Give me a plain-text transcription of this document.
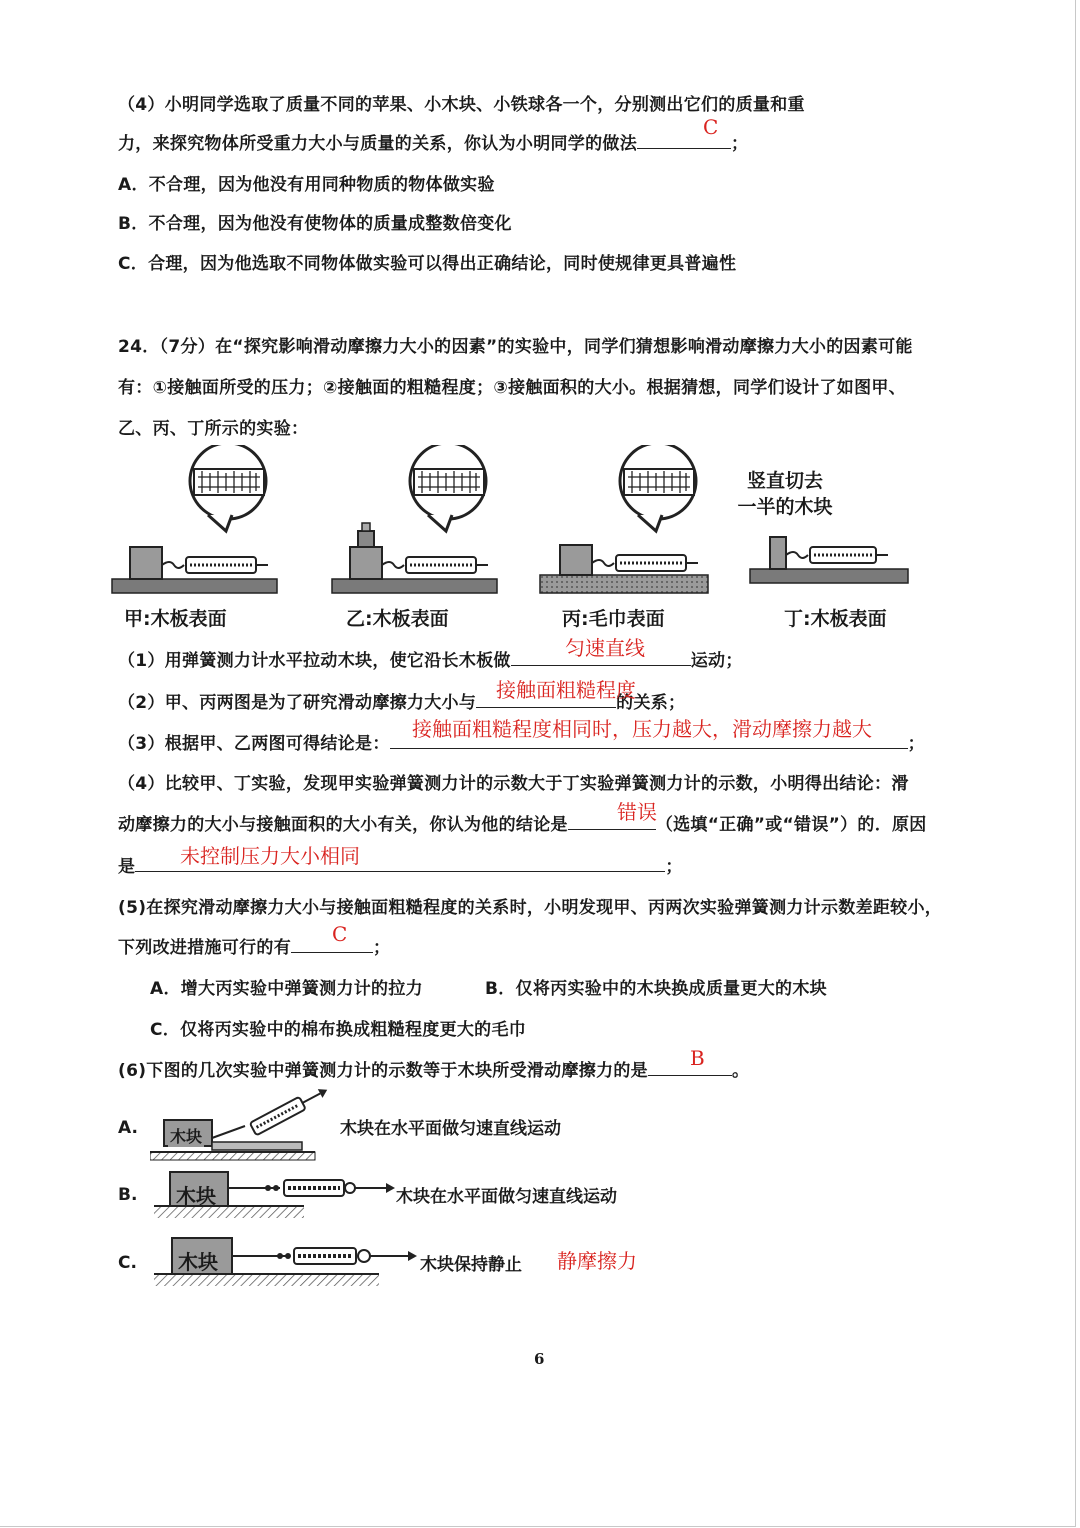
（4）小明同学选取了质量不同的苹果、小木块、小铁球各一个，分别测出它们的质量和重
力，来探究物体所受重力大小与质量的关系，你认为小明同学的做法	；
C
A．不合理，因为他没有用同种物质的物体做实验
B．不合理，因为他没有使物体的质量成整数倍变化
C．合理，因为他选取不同物体做实验可以得出正确结论，同时使规律更具普遍性
24．（7分）在“探究影响滑动摩擦力大小的因素”的实验中，同学们猜想影响滑动摩擦力大小的因素可能
有：①接触面所受的压力；②接触面的粗糙程度；③接触面积的大小。根据猜想，同学们设计了如图甲、
乙、丙、丁所示的实验：
竖直切去
一半的木块
甲:木板表面	乙:木板表面	丙:毛巾表面	丁:木板表面
（1）用弹簧测力计水平拉动木块，使它沿长木板做	运动；
匀速直线
（2）甲、丙两图是为了研究滑动摩擦力大小与	的关系；
接触面粗糙程度
（3）根据甲、乙两图可得结论是：	；
接触面粗糙程度相同时，压力越大，滑动摩擦力越大
（4）比较甲、丁实验，发现甲实验弹簧测力计的示数大于丁实验弹簧测力计的示数，小明得出结论：滑
动摩擦力的大小与接触面积的大小有关，你认为他的结论是	（选填“正确”或“错误”）的．原因
错误
是	；
未控制压力大小相同
(5)在探究滑动摩擦力大小与接触面粗糙程度的关系时，小明发现甲、丙两次实验弹簧测力计示数差距较小，
下列改进措施可行的有	；
C
A．增大丙实验中弹簧测力计的拉力	B．仅将丙实验中的木块换成质量更大的木块
C．仅将丙实验中的棉布换成粗糙程度更大的毛巾
(6)下图的几次实验中弹簧测力计的示数等于木块所受滑动摩擦力的是	。
B
A. 木块	木块在水平面做匀速直线运动
B. 木块	木块在水平面做匀速直线运动
C. 木块	木块保持静止 静摩擦力
6
